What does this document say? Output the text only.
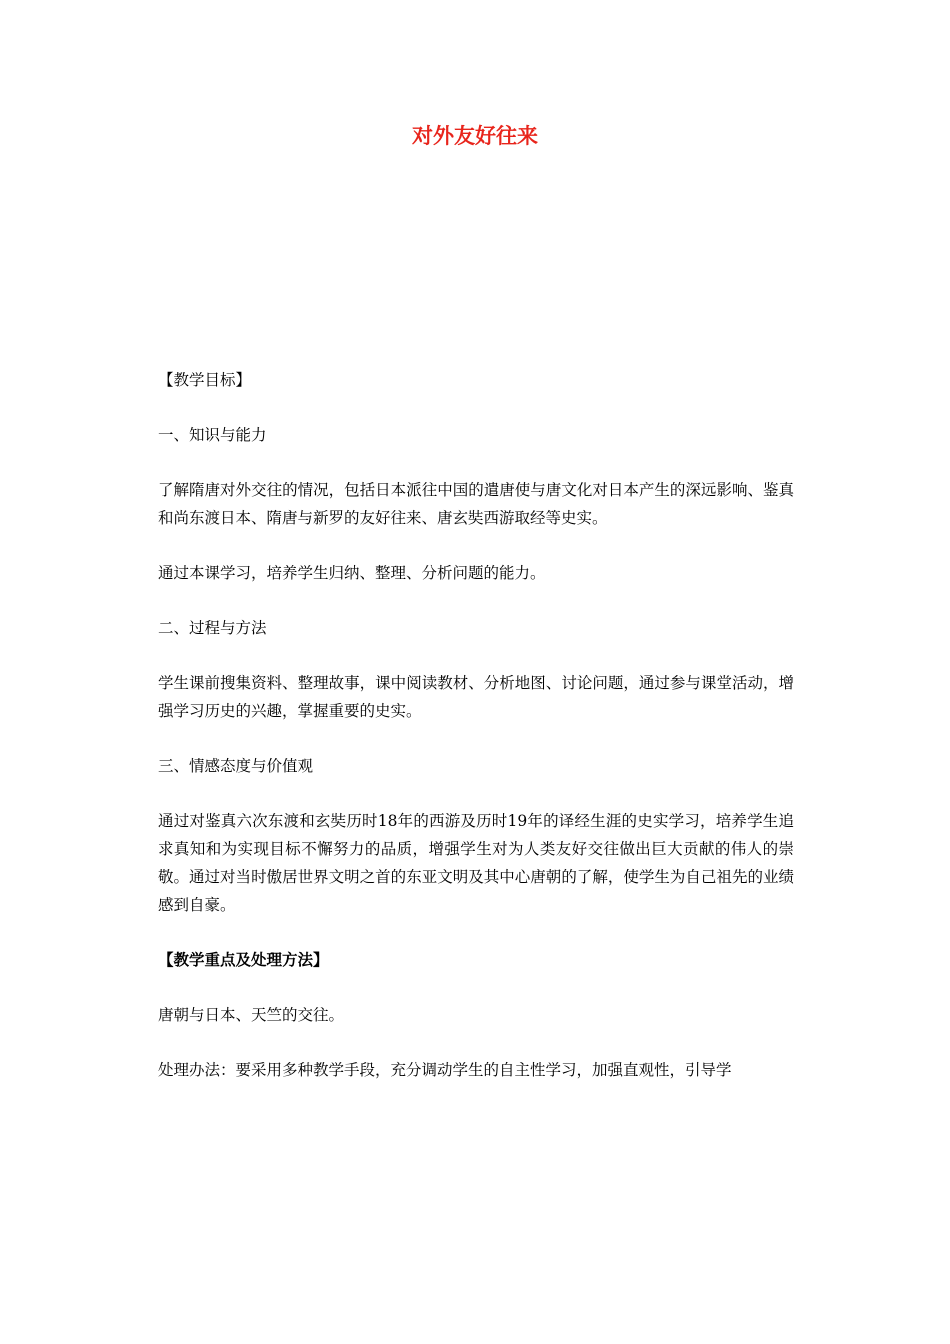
对外友好往来

【教学目标】

一、知识与能力

了解隋唐对外交往的情况，包括日本派往中国的遣唐使与唐文化对日本产生的深远影响、鉴真和尚东渡日本、隋唐与新罗的友好往来、唐玄奘西游取经等史实。

通过本课学习，培养学生归纳、整理、分析问题的能力。

二、过程与方法

学生课前搜集资料、整理故事，课中阅读教材、分析地图、讨论问题，通过参与课堂活动，增强学习历史的兴趣，掌握重要的史实。

三、情感态度与价值观

通过对鉴真六次东渡和玄奘历时18年的西游及历时19年的译经生涯的史实学习，培养学生追求真知和为实现目标不懈努力的品质，增强学生对为人类友好交往做出巨大贡献的伟人的崇敬。通过对当时傲居世界文明之首的东亚文明及其中心唐朝的了解，使学生为自己祖先的业绩感到自豪。

【教学重点及处理方法】

唐朝与日本、天竺的交往。

处理办法：要采用多种教学手段，充分调动学生的自主性学习，加强直观性，引导学
